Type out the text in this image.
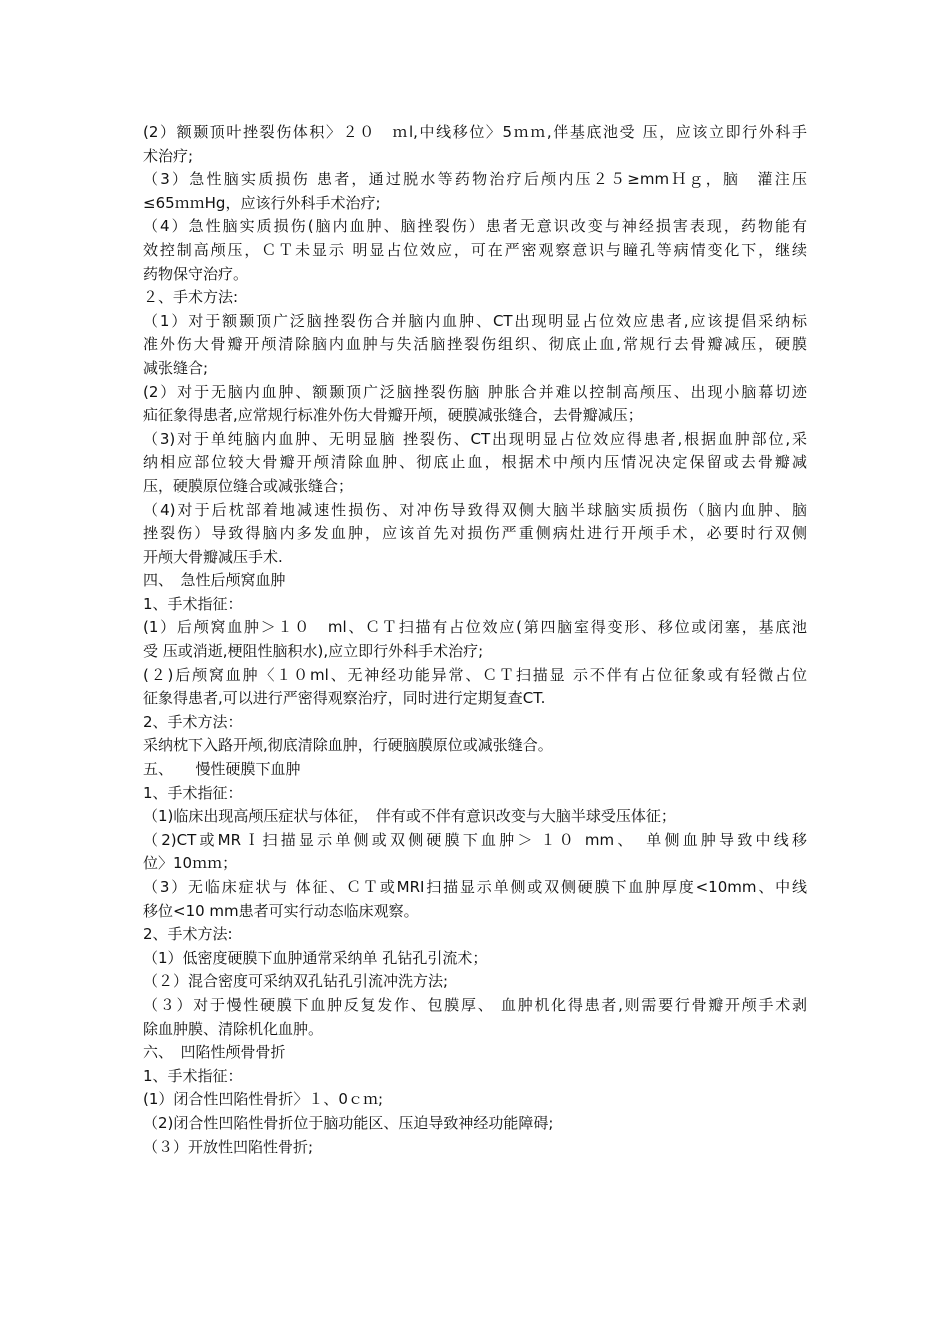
(2）额颞顶叶挫裂伤体积〉２０　ｍl,中线移位〉5ｍｍ,伴基底池受 压，应该立即行外科手
术治疗;
（3）急性脑实质损伤 患者，通过脱水等药物治疗后颅内压２５≥mmＨｇ，脑　灌注压
≤65ｍｍHg，应该行外科手术治疗;
（4）急性脑实质损伤(脑内血肿、脑挫裂伤）患者无意识改变与神经损害表现，药物能有
效控制高颅压，ＣＴ未显示 明显占位效应，可在严密观察意识与瞳孔等病情变化下，继续
药物保守治疗。
２、手术方法:
（1）对于额颞顶广泛脑挫裂伤合并脑内血肿、CT出现明显占位效应患者,应该提倡采纳标
准外伤大骨瓣开颅清除脑内血肿与失活脑挫裂伤组织、彻底止血,常规行去骨瓣减压，硬膜
减张缝合;
(2）对于无脑内血肿、额颞顶广泛脑挫裂伤脑 肿胀合并难以控制高颅压、出现小脑幕切迹
疝征象得患者,应常规行标准外伤大骨瓣开颅，硬膜减张缝合，去骨瓣减压；
（3)对于单纯脑内血肿、无明显脑 挫裂伤、CT出现明显占位效应得患者,根据血肿部位,采
纳相应部位较大骨瓣开颅清除血肿、彻底止血，根据术中颅内压情况决定保留或去骨瓣减
压，硬膜原位缝合或减张缝合；
（4)对于后枕部着地减速性损伤、对冲伤导致得双侧大脑半球脑实质损伤（脑内血肿、脑
挫裂伤）导致得脑内多发血肿，应该首先对损伤严重侧病灶进行开颅手术，必要时行双侧
开颅大骨瓣减压手术.
四、　急性后颅窝血肿
1、手术指征：
(1）后颅窝血肿＞１０　ml、ＣＴ扫描有占位效应(第四脑室得变形、移位或闭塞，基底池
受 压或消逝,梗阻性脑积水),应立即行外科手术治疗;
(２)后颅窝血肿〈１０ml、无神经功能异常、ＣＴ扫描显 示不伴有占位征象或有轻微占位
征象得患者,可以进行严密得观察治疗，同时进行定期复查CT.
2、手术方法：
采纳枕下入路开颅,彻底清除血肿，行硬脑膜原位或减张缝合。
五、　　慢性硬膜下血肿
1、手术指征：
（1)临床出现高颅压症状与体征，　伴有或不伴有意识改变与大脑半球受压体征；
（2)CT或MRＩ扫描显示单侧或双侧硬膜下血肿＞ １０ mm、　单侧血肿导致中线移
位〉10ｍｍ；
（3）无临床症状与 体征、ＣＴ或MRI扫描显示单侧或双侧硬膜下血肿厚度<10mm、中线
移位<10 mm患者可实行动态临床观察。
2、手术方法:
（1）低密度硬膜下血肿通常采纳单 孔钻孔引流术；
（２）混合密度可采纳双孔钻孔引流冲洗方法;
（３）对于慢性硬膜下血肿反复发作、包膜厚、 血肿机化得患者,则需要行骨瓣开颅手术剥
除血肿膜、清除机化血肿。
六、　凹陷性颅骨骨折
1、手术指征：
(1）闭合性凹陷性骨折〉１、0ｃｍ;
（2)闭合性凹陷性骨折位于脑功能区、压迫导致神经功能障碍;
（３）开放性凹陷性骨折;
